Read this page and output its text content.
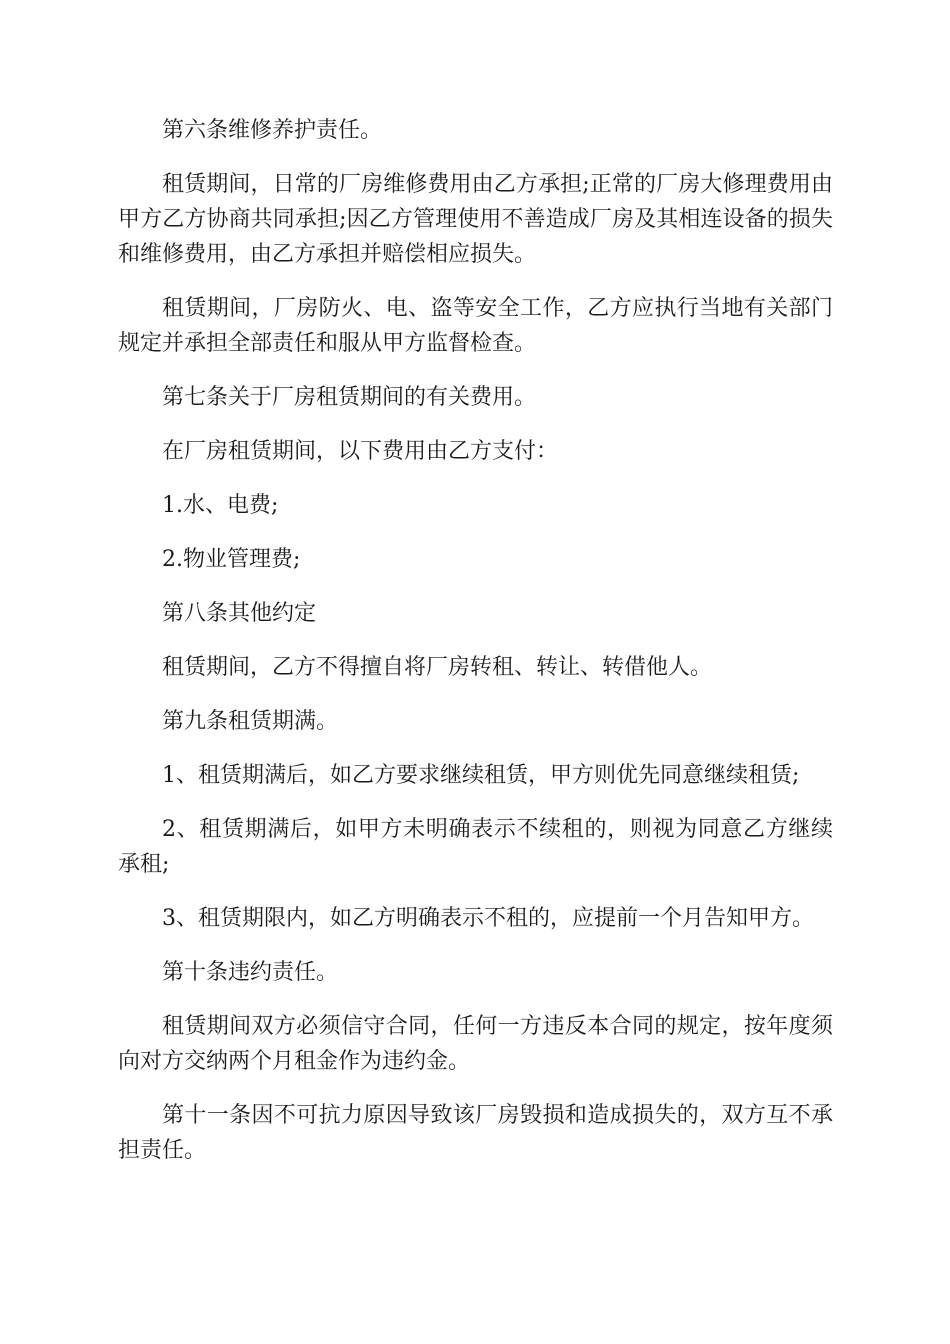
第六条维修养护责任。

租赁期间，日常的厂房维修费用由乙方承担;正常的厂房大修理费用由甲方乙方协商共同承担;因乙方管理使用不善造成厂房及其相连设备的损失和维修费用，由乙方承担并赔偿相应损失。

租赁期间，厂房防火、电、盗等安全工作，乙方应执行当地有关部门规定并承担全部责任和服从甲方监督检查。

第七条关于厂房租赁期间的有关费用。

在厂房租赁期间，以下费用由乙方支付：

1.水、电费;

2.物业管理费;

第八条其他约定

租赁期间，乙方不得擅自将厂房转租、转让、转借他人。

第九条租赁期满。

1、租赁期满后，如乙方要求继续租赁，甲方则优先同意继续租赁;

2、租赁期满后，如甲方未明确表示不续租的，则视为同意乙方继续承租;

3、租赁期限内，如乙方明确表示不租的，应提前一个月告知甲方。

第十条违约责任。

租赁期间双方必须信守合同，任何一方违反本合同的规定，按年度须向对方交纳两个月租金作为违约金。

第十一条因不可抗力原因导致该厂房毁损和造成损失的，双方互不承担责任。
